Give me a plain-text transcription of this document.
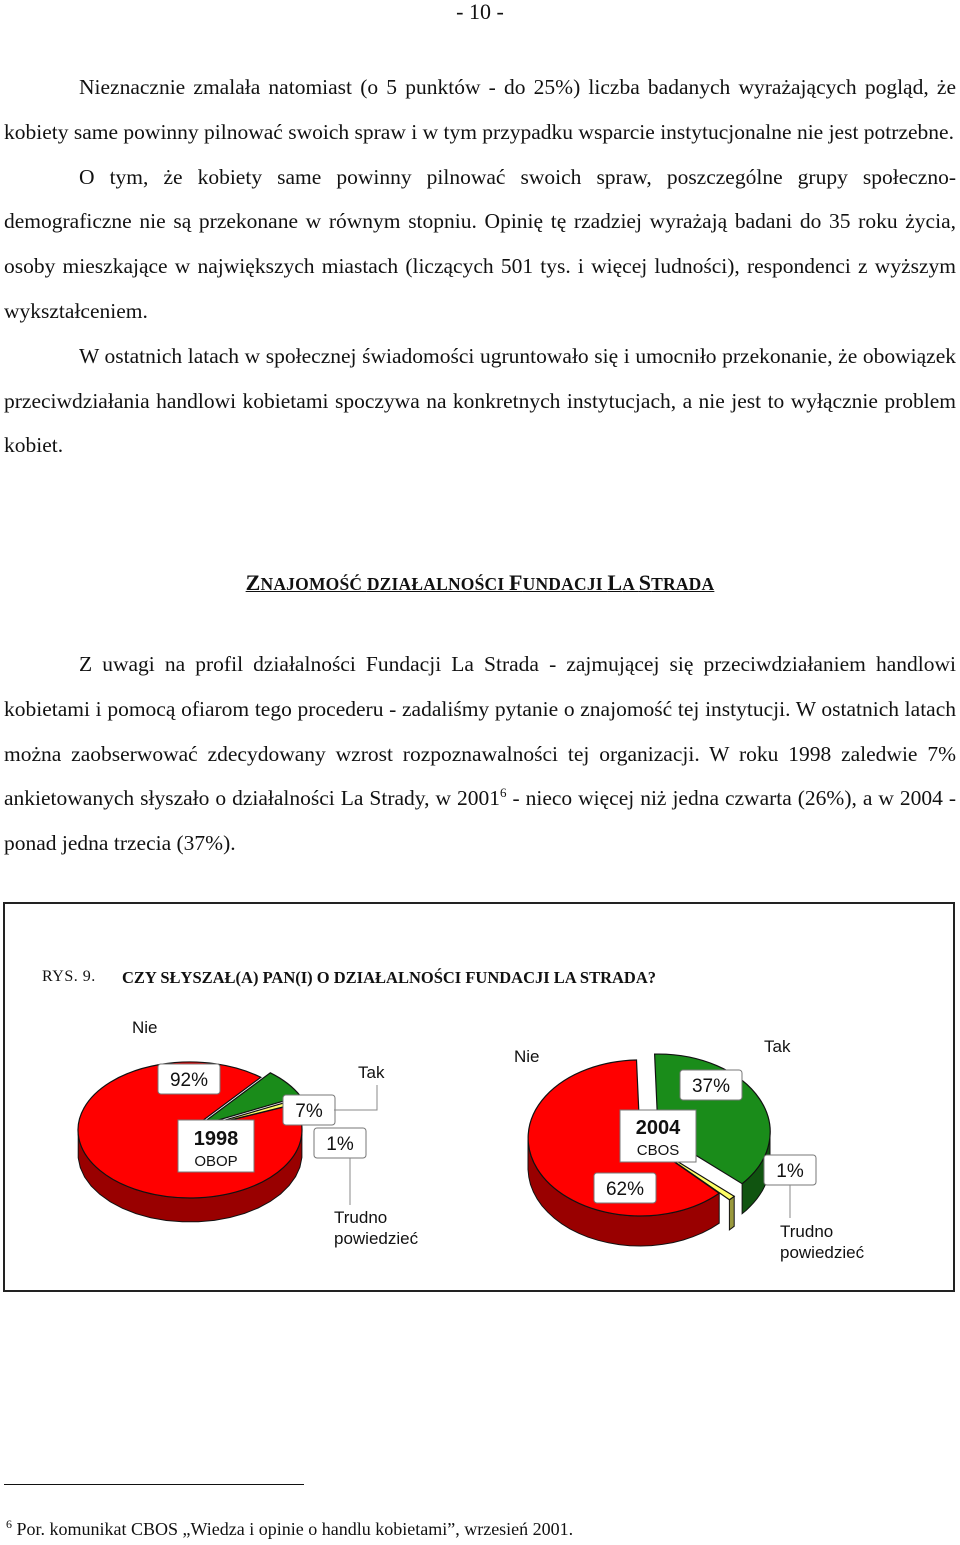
- 10 -

Nieznacznie zmalała natomiast (o 5 punktów - do 25%) liczba badanych wyrażających pogląd, że kobiety same powinny pilnować swoich spraw i w tym przypadku wsparcie instytucjonalne nie jest potrzebne.

O tym, że kobiety same powinny pilnować swoich spraw, poszczególne grupy społeczno-demograficzne nie są przekonane w równym stopniu. Opinię tę rzadziej wyrażają badani do 35 roku życia, osoby mieszkające w największych miastach (liczących 501 tys. i więcej ludności), respondenci z wyższym wykształceniem.

W ostatnich latach w społecznej świadomości ugruntowało się i umocniło przekonanie, że obowiązek przeciwdziałania handlowi kobietami spoczywa na konkretnych instytucjach, a nie jest to wyłącznie problem kobiet.

ZNAJOMOŚĆ DZIAŁALNOŚCI FUNDACJI LA STRADA

Z uwagi na profil działalności Fundacji La Strada - zajmującej się przeciwdziałaniem handlowi kobietami i pomocą ofiarom tego procederu - zadaliśmy pytanie o znajomość tej instytucji. W ostatnich latach można zaobserwować zdecydowany wzrost rozpoznawalności tej organizacji. W roku 1998 zaledwie 7% ankietowanych słyszało o działalności La Strady, w 2001$^6$ - nieco więcej niż jedna czwarta (26%), a w 2004 - ponad jedna trzecia (37%).

RYS. 9. CZY SŁYSZAŁ(A) PAN(I) O DZIAŁALNOŚCI FUNDACJI LA STRADA?
Nie
92%
1998
OBOP
7%
1%
Tak
Trudno
powiedzieć
Nie
Tak
37%
2004
CBOS
62%
1%
Trudno
powiedzieć
$^6$ Por. komunikat CBOS „Wiedza i opinie o handlu kobietami”, wrzesień 2001.
